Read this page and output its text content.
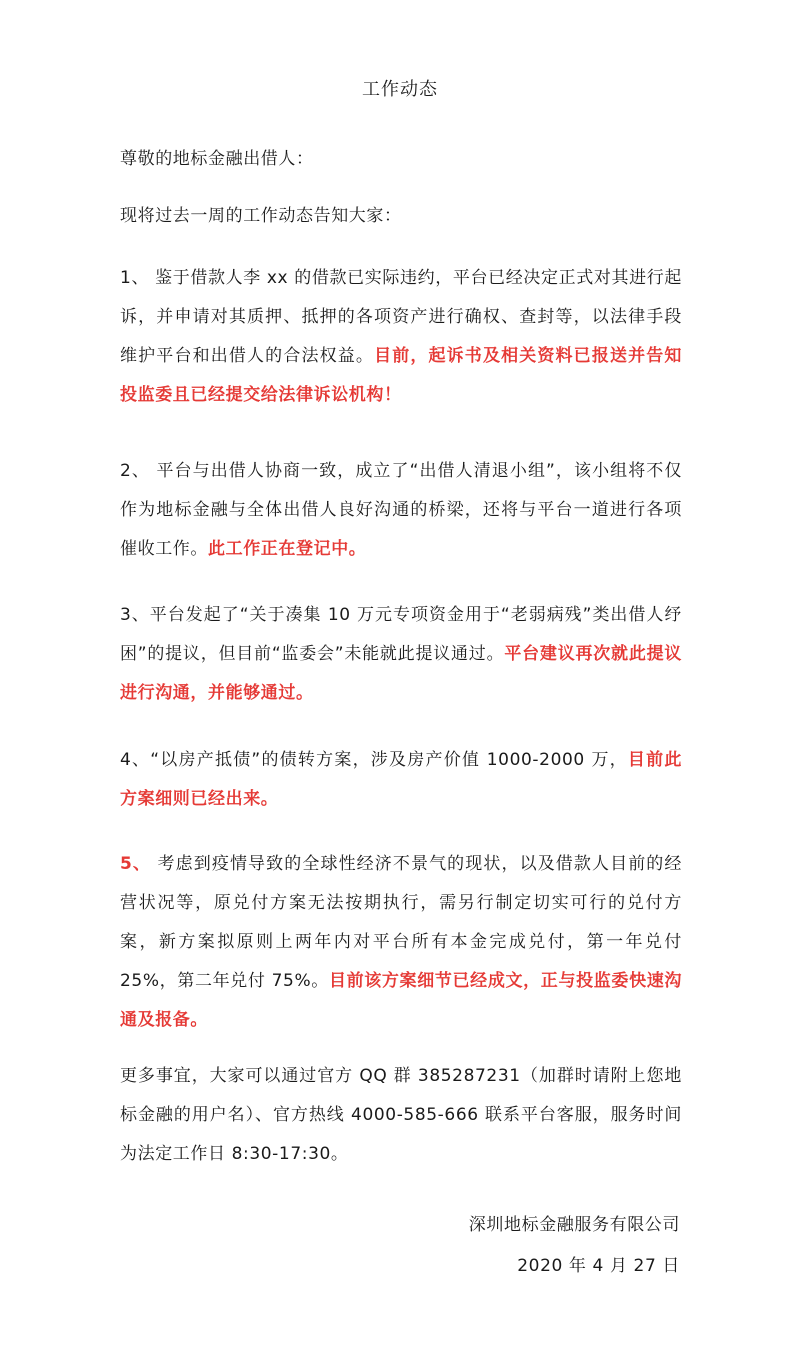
工作动态
尊敬的地标金融出借人：
现将过去一周的工作动态告知大家：
1、 鉴于借款人李 xx 的借款已实际违约，平台已经决定正式对其进行起诉，并申请对其质押、抵押的各项资产进行确权、查封等，以法律手段维护平台和出借人的合法权益。目前，起诉书及相关资料已报送并告知投监委且已经提交给法律诉讼机构！
2、 平台与出借人协商一致，成立了“出借人清退小组”，该小组将不仅作为地标金融与全体出借人良好沟通的桥梁，还将与平台一道进行各项催收工作。此工作正在登记中。
3、平台发起了“关于凑集 10 万元专项资金用于“老弱病残”类出借人纾困”的提议，但目前“监委会”未能就此提议通过。平台建议再次就此提议进行沟通，并能够通过。
4、“以房产抵债”的债转方案，涉及房产价值 1000-2000 万，目前此方案细则已经出来。
5、 考虑到疫情导致的全球性经济不景气的现状，以及借款人目前的经营状况等，原兑付方案无法按期执行，需另行制定切实可行的兑付方案，新方案拟原则上两年内对平台所有本金完成兑付，第一年兑付 25%，第二年兑付 75%。目前该方案细节已经成文，正与投监委快速沟通及报备。
更多事宜，大家可以通过官方 QQ 群 385287231（加群时请附上您地标金融的用户名）、官方热线 4000-585-666 联系平台客服，服务时间为法定工作日 8:30-17:30。
深圳地标金融服务有限公司
2020 年 4 月 27 日
